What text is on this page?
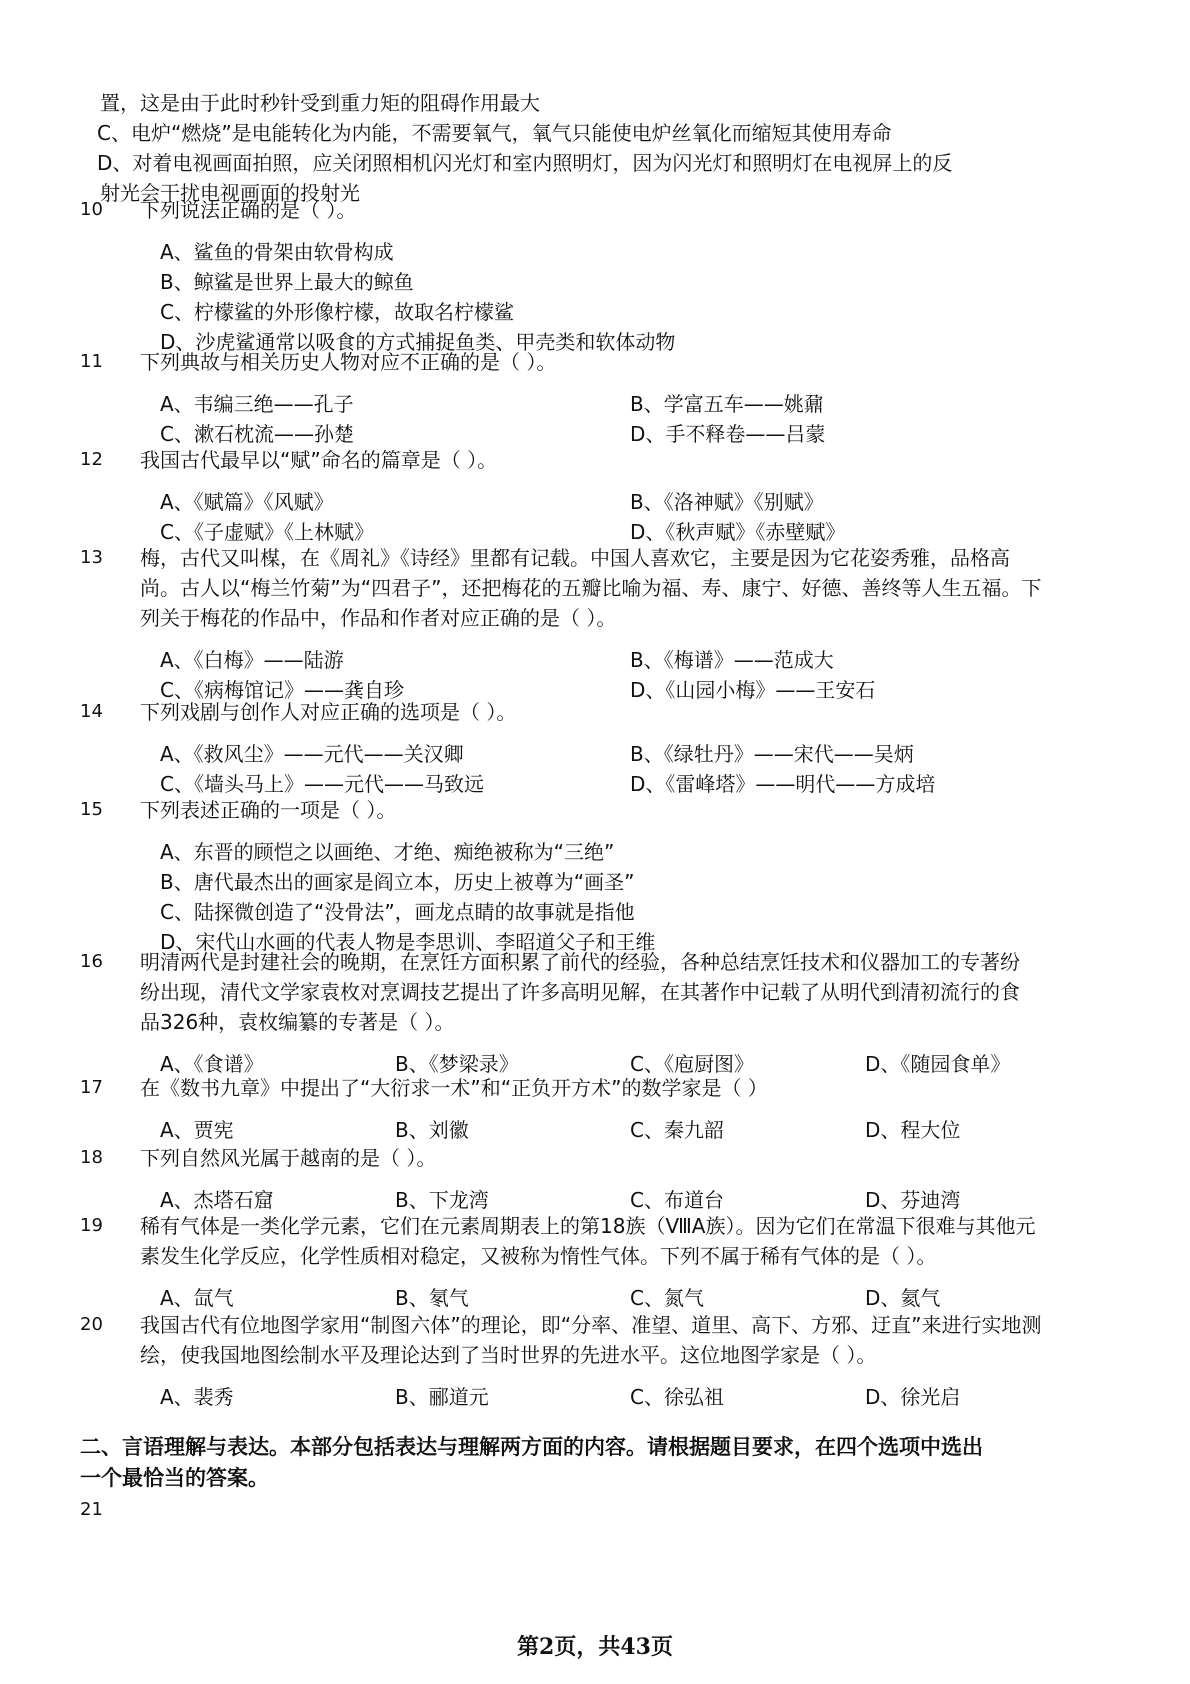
置，这是由于此时秒针受到重力矩的阻碍作用最大
C、电炉“燃烧”是电能转化为内能，不需要氧气，氧气只能使电炉丝氧化而缩短其使用寿命
D、对着电视画面拍照，应关闭照相机闪光灯和室内照明灯，因为闪光灯和照明灯在电视屏上的反
射光会干扰电视画面的投射光
10 下列说法正确的是（ ）。
A、鲨鱼的骨架由软骨构成
B、鲸鲨是世界上最大的鲸鱼
C、柠檬鲨的外形像柠檬，故取名柠檬鲨
D、沙虎鲨通常以吸食的方式捕捉鱼类、甲壳类和软体动物
11 下列典故与相关历史人物对应不正确的是（ ）。
A、韦编三绝——孔子	B、学富五车——姚鼐
C、漱石枕流——孙楚	D、手不释卷——吕蒙
12 我国古代最早以“赋”命名的篇章是（ ）。
A、《赋篇》《风赋》	B、《洛神赋》《别赋》
C、《子虚赋》《上林赋》	D、《秋声赋》《赤壁赋》
13 梅，古代又叫楳，在《周礼》《诗经》里都有记载。中国人喜欢它，主要是因为它花姿秀雅，品格高
尚。古人以“梅兰竹菊”为“四君子”，还把梅花的五瓣比喻为福、寿、康宁、好德、善终等人生五福。下
列关于梅花的作品中，作品和作者对应正确的是（ ）。
A、《白梅》——陆游	B、《梅谱》——范成大
C、《病梅馆记》——龚自珍	D、《山园小梅》——王安石
14 下列戏剧与创作人对应正确的选项是（ ）。
A、《救风尘》——元代——关汉卿	B、《绿牡丹》——宋代——吴炳
C、《墙头马上》——元代——马致远	D、《雷峰塔》——明代——方成培
15 下列表述正确的一项是（ ）。
A、东晋的顾恺之以画绝、才绝、痴绝被称为“三绝”
B、唐代最杰出的画家是阎立本，历史上被尊为“画圣”
C、陆探微创造了“没骨法”，画龙点睛的故事就是指他
D、宋代山水画的代表人物是李思训、李昭道父子和王维
16 明清两代是封建社会的晚期，在烹饪方面积累了前代的经验，各种总结烹饪技术和仪器加工的专著纷
纷出现，清代文学家袁枚对烹调技艺提出了许多高明见解，在其著作中记载了从明代到清初流行的食
品326种，袁枚编纂的专著是（ ）。
A、《食谱》	B、《梦梁录》	C、《庖厨图》	D、《随园食单》
17 在《数书九章》中提出了“大衍求一术”和“正负开方术”的数学家是（ ）
A、贾宪	B、刘徽	C、秦九韶	D、程大位
18 下列自然风光属于越南的是（ ）。
A、杰塔石窟	B、下龙湾	C、布道台	D、芬迪湾
19 稀有气体是一类化学元素，它们在元素周期表上的第18族（ⅧA族）。因为它们在常温下很难与其他元
素发生化学反应，化学性质相对稳定，又被称为惰性气体。下列不属于稀有气体的是（ ）。
A、氙气	B、氡气	C、氮气	D、氦气
20 我国古代有位地图学家用“制图六体”的理论，即“分率、准望、道里、高下、方邪、迂直”来进行实地测
绘，使我国地图绘制水平及理论达到了当时世界的先进水平。这位地图学家是（ ）。
A、裴秀	B、郦道元	C、徐弘祖	D、徐光启
二、言语理解与表达。本部分包括表达与理解两方面的内容。请根据题目要求，在四个选项中选出
一个最恰当的答案。
21
第2页，共43页
